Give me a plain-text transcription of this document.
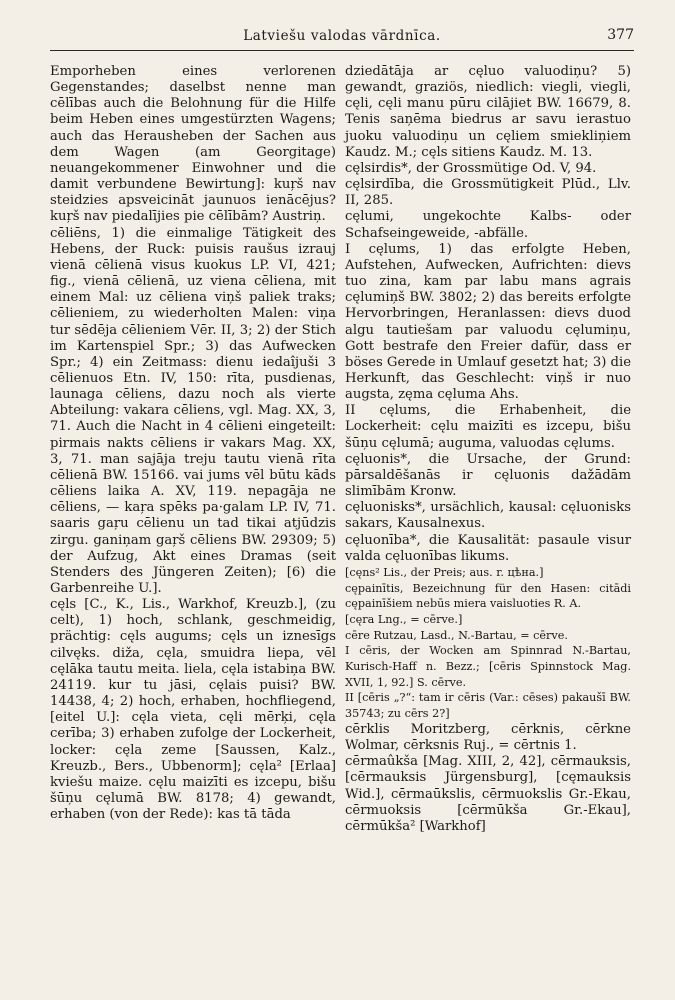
Latviešu valodas vārdnīca.	377

Emporheben eines verlorenen Gegenstandes; daselbst nenne man cēlības auch die Belohnung für die Hilfe beim Heben eines umgestürzten Wagens; auch das Herausheben der Sachen aus dem Wagen (am Georgitage) neuangekommener Einwohner und die damit verbundene Bewirtung]: kuŗš nav steidzies apsveicināt jaunuos ienācējus? kuŗš nav piedalījies pie cēlībām? Austriņ.

cēliēns, 1) die einmalige Tätigkeit des Hebens, der Ruck: puisis raušus izrauj vienā cēlienā visus kuokus LP. VI, 421; fig., vienā cēlienā, uz viena cēliena, mit einem Mal: uz cēliena viņš paliek traks; cēlieniem, zu wiederholten Malen: viņa tur sēdēja cēlieniem Vēr. II, 3; 2) der Stich im Kartenspiel Spr.; 3) das Aufwecken Spr.; 4) ein Zeitmass: dienu iedaîjuši 3 cēlienuos Etn. IV, 150: rīta, pusdienas, launaga cēliens, dazu noch als vierte Abteilung: vakara cēliens, vgl. Mag. XX, 3, 71. Auch die Nacht in 4 cēlieni eingeteilt: pirmais nakts cēliens ir vakars Mag. XX, 3, 71. man sajāja treju tautu vienā rīta cēlienā BW. 15166. vai jums vēl būtu kāds cēliens laika A. XV, 119. nepagāja ne cēliens, — kaŗa spēks pa·galam LP. IV, 71. saaris gaŗu cēlienu un tad tikai atjūdzis zirgu. ganiņam gaŗš cēliens BW. 29309; 5) der Aufzug, Akt eines Dramas (seit Stenders des Jüngeren Zeiten); [6) die Garbenreihe U.].

cęls [C., K., Lis., Warkhof, Kreuzb.], (zu celt), 1) hoch, schlank, geschmeidig, prächtig: cęls augums; cęls un iznesīgs cilvęks. diža, cęla, smuidra liepa, vēl cęlāka tautu meita. liela, cęla istabiņa BW. 24119. kur tu jāsi, cęlais puisi? BW. 14438, 4; 2) hoch, erhaben, hochfliegend, [eitel U.]: cęla vieta, cęli mērķi, cęla cerība; 3) erhaben zufolge der Lockerheit, locker: cęla zeme [Saussen, Kalz., Kreuzb., Bers., Ubbenorm]; cęla² [Erlaa] kviešu maize. cęlu maizīti es izcepu, bišu šūņu cęlumā BW. 8178; 4) gewandt, erhaben (von der Rede): kas tā tāda

dziedātāja ar cęluo valuodiņu? 5) gewandt, graziös, niedlich: viegli, viegli, cęli, cęli manu pūru cilājiet BW. 16679, 8. Tenis saņēma biedrus ar savu ierastuo juoku valuodiņu un cęliem smiekliņiem Kaudz. M.; cęls sitiens Kaudz. M. 13.

cęlsirdis*, der Grossmütige Od. V, 94.

cęlsirdība, die Grossmütigkeit Plūd., Llv. II, 285.

cęlumi, ungekochte Kalbs- oder Schafseingeweide, -abfälle.

I cęlums, 1) das erfolgte Heben, Aufstehen, Aufwecken, Aufrichten: dievs tuo zina, kam par labu mans agrais cęlumiņš BW. 3802; 2) das bereits erfolgte Hervorbringen, Heranlassen: dievs duod algu tautiešam par valuodu cęlumiņu, Gott bestrafe den Freier dafür, dass er böses Gerede in Umlauf gesetzt hat; 3) die Herkunft, das Geschlecht: viņš ir nuo augsta, zęma cęluma Ahs.

II cęlums, die Erhabenheit, die Lockerheit: cęlu maizīti es izcepu, bišu šūņu cęlumā; auguma, valuodas cęlums.

cęluonis*, die Ursache, der Grund: pārsaldēšanās ir cęluonis dažādām slimībām Kronw.

cęluonisks*, ursächlich, kausal: cęluonisks sakars, Kausalnexus.

cęluonība*, die Kausalität: pasaule visur valda cęluonības likums.

[cęns² Lis., der Preis; aus. r. цѣна.]

cępainītis, Bezeichnung für den Hasen: citādi cępainīšiem nebūs miera vaisluoties R. A.

[cęra Lng., = cērve.]

cēre Rutzau, Lasd., N.-Bartau, = cērve.

I cēris, der Wocken am Spinnrad N.-Bartau, Kurisch-Haff n. Bezz.; [cēris Spinnstock Mag. XVII, 1, 92.] S. cērve.

II [cēris „?“: tam ir cēris (Var.: cēses) pakaušī BW. 35743; zu cērs 2?]

cērklis Moritzberg, cērknis, cērkne Wolmar, cērksnis Ruj., = cērtnis 1.

cērmaûkša [Mag. XIII, 2, 42], cērmauksis, [cērmauksis Jürgensburg], [cęmauksis Wid.], cērmaūkslis, cērmuokslis Gr.-Ekau, cērmuoksis [cērmūkša Gr.-Ekau], cērmūkša² [Warkhof]
